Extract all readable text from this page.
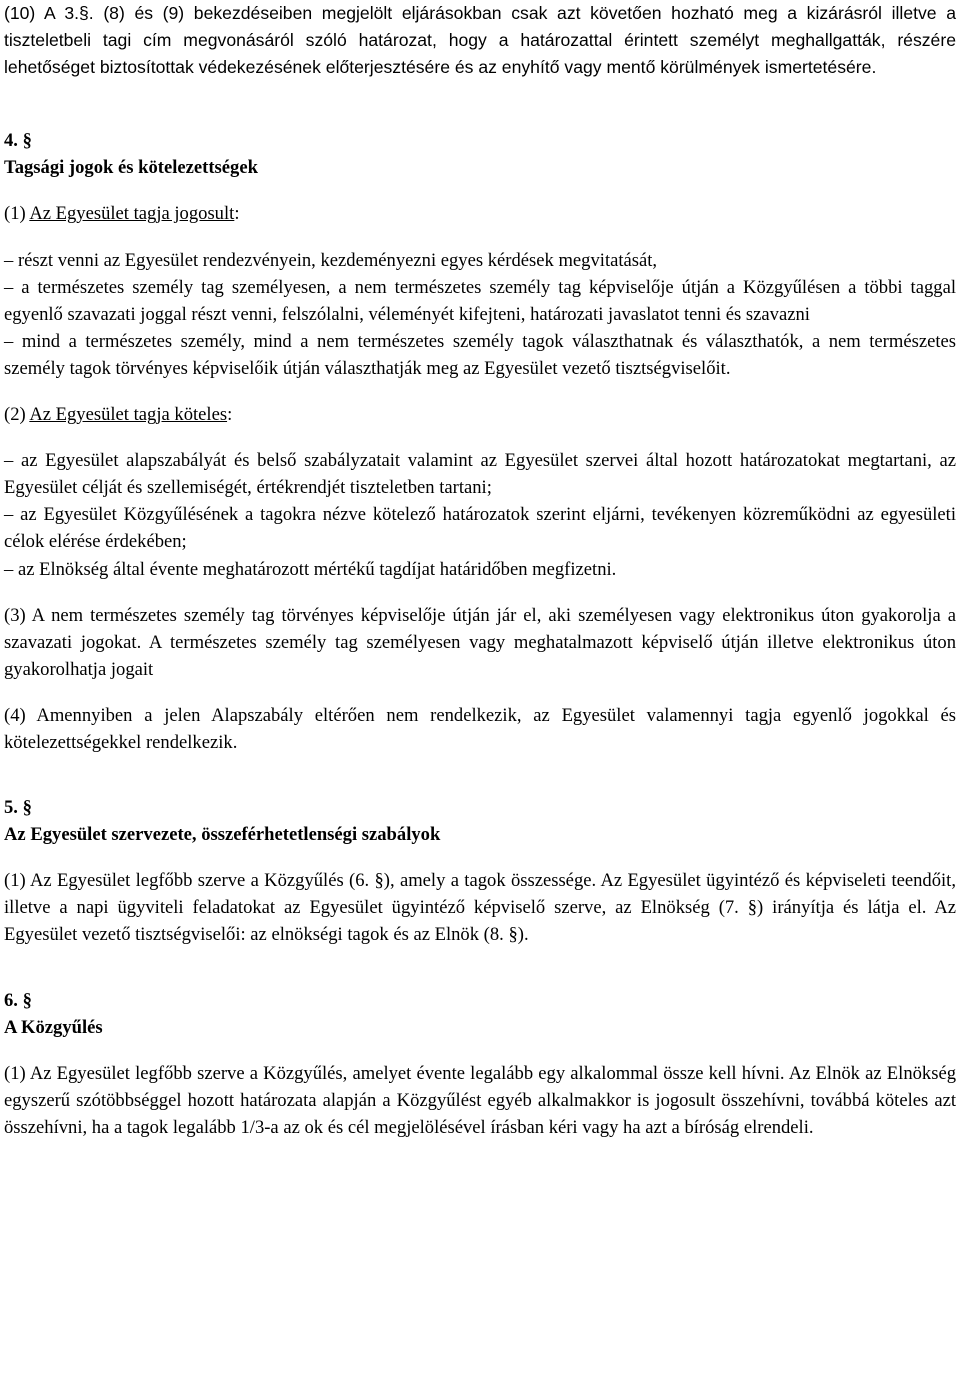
(10) A 3.§. (8) és (9) bekezdéseiben megjelölt eljárásokban csak azt követően hozható meg a kizárásról illetve a tiszteletbeli tagi cím megvonásáról szóló határozat, hogy a határozattal érintett személyt meghallgatták, részére lehetőséget biztosítottak védekezésének előterjesztésére és az enyhítő vagy mentő körülmények ismertetésére.

4. §

Tagsági jogok és kötelezettségek

(1) Az Egyesület tagja jogosult:

– részt venni az Egyesület rendezvényein, kezdeményezni egyes kérdések megvitatását,

– a természetes személy tag személyesen, a nem természetes személy tag képviselője útján a Közgyűlésen a többi taggal egyenlő szavazati joggal részt venni, felszólalni, véleményét kifejteni, határozati javaslatot tenni és szavazni

– mind a természetes személy, mind a nem természetes személy tagok választhatnak és választhatók, a nem természetes személy tagok törvényes képviselőik útján választhatják meg az Egyesület vezető tisztségviselőit.

(2) Az Egyesület tagja köteles:

– az Egyesület alapszabályát és belső szabályzatait valamint az Egyesület szervei által hozott határozatokat megtartani, az Egyesület célját és szellemiségét, értékrendjét tiszteletben tartani;

– az Egyesület Közgyűlésének a tagokra nézve kötelező határozatok szerint eljárni, tevékenyen közreműködni az egyesületi célok elérése érdekében;

– az Elnökség által évente meghatározott mértékű tagdíjat határidőben megfizetni.

(3) A nem természetes személy tag törvényes képviselője útján jár el, aki személyesen vagy elektronikus úton gyakorolja a szavazati jogokat. A természetes személy tag személyesen vagy meghatalmazott képviselő útján illetve elektronikus úton gyakorolhatja jogait

(4) Amennyiben a jelen Alapszabály eltérően nem rendelkezik, az Egyesület valamennyi tagja egyenlő jogokkal és kötelezettségekkel rendelkezik.

5. §

Az Egyesület szervezete, összeférhetetlenségi szabályok

(1) Az Egyesület legfőbb szerve a Közgyűlés (6. §), amely a tagok összessége. Az Egyesület ügyintéző és képviseleti teendőit, illetve a napi ügyviteli feladatokat az Egyesület ügyintéző képviselő szerve, az Elnökség (7. §) irányítja és látja el. Az Egyesület vezető tisztségviselői: az elnökségi tagok és az Elnök (8. §).

6. §

A Közgyűlés

(1) Az Egyesület legfőbb szerve a Közgyűlés, amelyet évente legalább egy alkalommal össze kell hívni. Az Elnök az Elnökség egyszerű szótöbbséggel hozott határozata alapján a Közgyűlést egyéb alkalmakkor is jogosult összehívni, továbbá köteles azt összehívni, ha a tagok legalább 1/3-a az ok és cél megjelölésével írásban kéri vagy ha azt a bíróság elrendeli.
